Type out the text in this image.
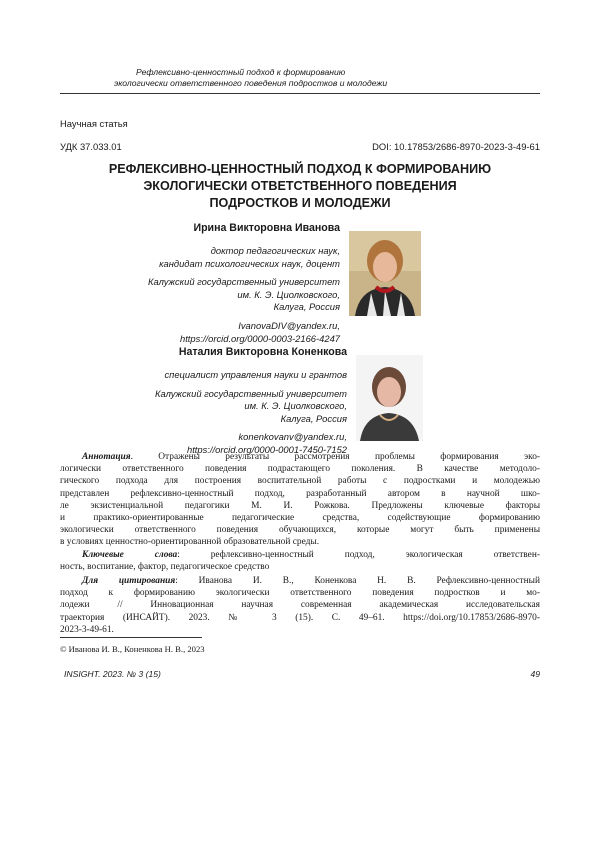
Рефлексивно-ценностный подход к формированию
экологически ответственного поведения подростков и молодежи
Научная статья
УДК 37.033.01	DOI: 10.17853/2686-8970-2023-3-49-61
РЕФЛЕКСИВНО-ЦЕННОСТНЫЙ ПОДХОД К ФОРМИРОВАНИЮ
ЭКОЛОГИЧЕСКИ ОТВЕТСТВЕННОГО ПОВЕДЕНИЯ
ПОДРОСТКОВ И МОЛОДЕЖИ
Ирина Викторовна Иванова
доктор педагогических наук,
кандидат психологических наук, доцент
Калужский государственный университет
им. К. Э. Циолковского,
Калуга, Россия
IvanovaDIV@yandex.ru,
https://orcid.org/0000-0003-2166-4247
Наталия Викторовна Коненкова
специалист управления науки и грантов
Калужский государственный университет
им. К. Э. Циолковского,
Калуга, Россия
konenkovanv@yandex.ru,
https://orcid.org/0000-0001-7450-7152
Аннотация. Отражены результаты рассмотрения проблемы формирования эко-
логически ответственного поведения подрастающего поколения. В качестве методоло-
гического подхода для построения воспитательной работы с подростками и молодежью
представлен рефлексивно-ценностный подход, разработанный автором в научной шко-
ле экзистенциальной педагогики М. И. Рожкова. Предложены ключевые факторы
и практико-ориентированные педагогические средства, содействующие формированию
экологически ответственного поведения обучающихся, которые могут быть применены
в условиях ценностно-ориентированной образовательной среды.
Ключевые слова: рефлексивно-ценностный подход, экологическая ответствен-
ность, воспитание, фактор, педагогическое средство
Для цитирования: Иванова И. В., Коненкова Н. В. Рефлексивно-ценностный
подход к формированию экологически ответственного поведения подростков и мо-
лодежи // Инновационная научная современная академическая исследовательская
траектория (ИНСАЙТ). 2023. № 3 (15). С. 49–61. https://doi.org/10.17853/2686-8970-
2023-3-49-61.
© Иванова И. В., Коненкова Н. В., 2023
INSIGHT. 2023. № 3 (15)	49
